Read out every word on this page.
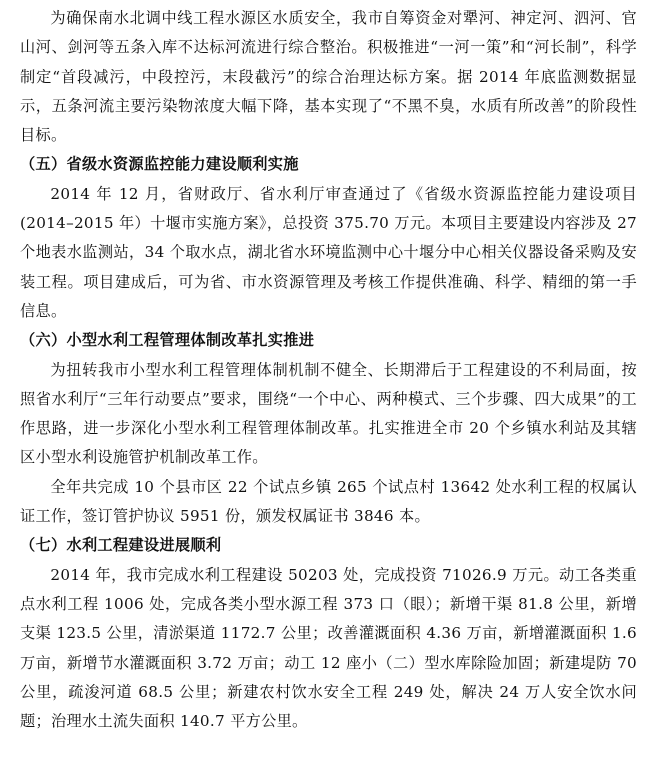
为确保南水北调中线工程水源区水质安全，我市自筹资金对犟河、神定河、泗河、官山河、剑河等五条入库不达标河流进行综合整治。积极推进“一河一策”和“河长制”，科学制定“首段减污，中段控污，末段截污”的综合治理达标方案。据 2014 年底监测数据显示，五条河流主要污染物浓度大幅下降，基本实现了“不黑不臭，水质有所改善”的阶段性目标。

（五）省级水资源监控能力建设顺利实施

2014 年 12 月，省财政厅、省水利厅审查通过了《省级水资源监控能力建设项目(2014–2015 年）十堰市实施方案》，总投资 375.70 万元。本项目主要建设内容涉及 27 个地表水监测站，34 个取水点，湖北省水环境监测中心十堰分中心相关仪器设备采购及安装工程。项目建成后，可为省、市水资源管理及考核工作提供准确、科学、精细的第一手信息。

（六）小型水利工程管理体制改革扎实推进

为扭转我市小型水利工程管理体制机制不健全、长期滞后于工程建设的不利局面，按照省水利厅“三年行动要点”要求，围绕“一个中心、两种模式、三个步骤、四大成果”的工作思路，进一步深化小型水利工程管理体制改革。扎实推进全市 20 个乡镇水利站及其辖区小型水利设施管护机制改革工作。

全年共完成 10 个县市区 22 个试点乡镇 265 个试点村 13642 处水利工程的权属认证工作，签订管护协议 5951 份，颁发权属证书 3846 本。

（七）水利工程建设进展顺利

2014 年，我市完成水利工程建设 50203 处，完成投资 71026.9 万元。动工各类重点水利工程 1006 处，完成各类小型水源工程 373 口（眼）；新增干渠 81.8 公里，新增支渠 123.5 公里，清淤渠道 1172.7 公里；改善灌溉面积 4.36 万亩，新增灌溉面积 1.6 万亩，新增节水灌溉面积 3.72 万亩；动工 12 座小（二）型水库除险加固；新建堤防 70 公里，疏浚河道 68.5 公里；新建农村饮水安全工程 249 处，解决 24 万人安全饮水问题；治理水土流失面积 140.7 平方公里。
